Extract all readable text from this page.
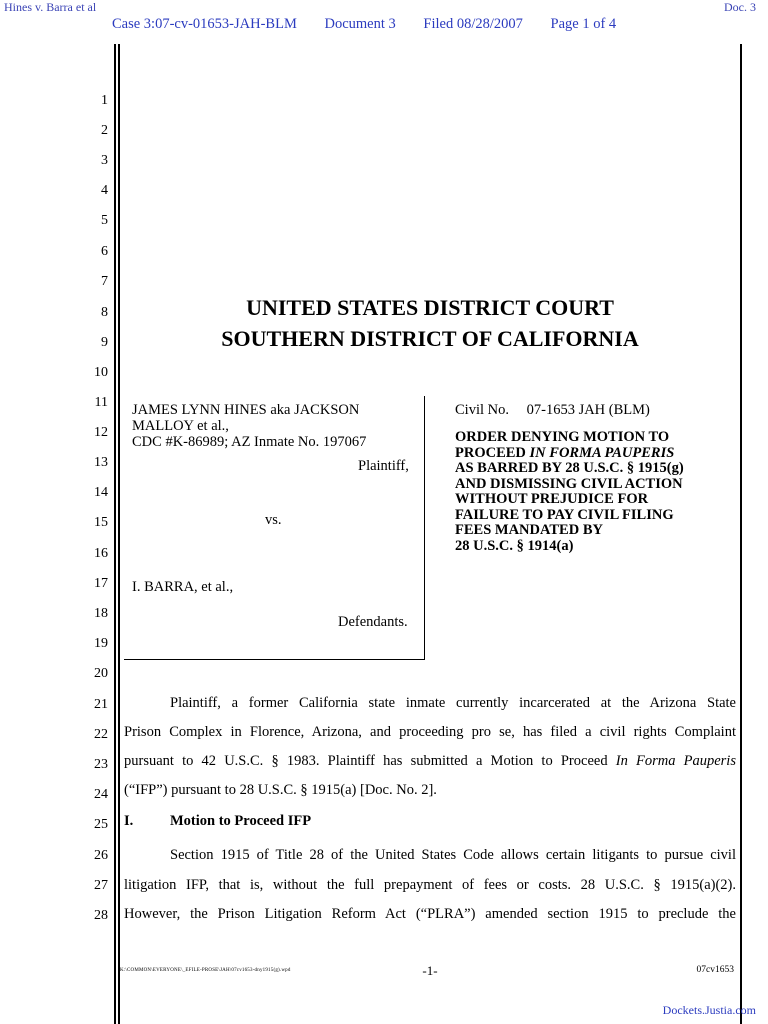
Hines v. Barra et al	Doc. 3
Case 3:07-cv-01653-JAH-BLM Document 3 Filed 08/28/2007 Page 1 of 4
1
2
3
4
5
6
7
8
9
10
11
12
13
14
15
16
17
18
19
20
21
22
23
24
25
26
27
28
UNITED STATES DISTRICT COURT
SOUTHERN DISTRICT OF CALIFORNIA
JAMES LYNN HINES aka JACKSON
MALLOY et al.,
CDC #K-86989; AZ Inmate No. 197067
Plaintiff,
vs.
I. BARRA, et al.,
Defendants.
Civil No. 07-1653 JAH (BLM)
ORDER DENYING MOTION TO
PROCEED IN FORMA PAUPERIS
AS BARRED BY 28 U.S.C. § 1915(g)
AND DISMISSING CIVIL ACTION
WITHOUT PREJUDICE FOR
FAILURE TO PAY CIVIL FILING
FEES MANDATED BY
28 U.S.C. § 1914(a)
Plaintiff, a former California state inmate currently incarcerated at the Arizona State
Prison Complex in Florence, Arizona, and proceeding pro se, has filed a civil rights Complaint
pursuant to 42 U.S.C. § 1983. Plaintiff has submitted a Motion to Proceed In Forma Pauperis
(“IFP”) pursuant to 28 U.S.C. § 1915(a) [Doc. No. 2].
I.	Motion to Proceed IFP
Section 1915 of Title 28 of the United States Code allows certain litigants to pursue civil
litigation IFP, that is, without the full prepayment of fees or costs. 28 U.S.C. § 1915(a)(2).
However, the Prison Litigation Reform Act (“PLRA”) amended section 1915 to preclude the
K:\COMMON\EVERYONE\_EFILE-PROSE\JAH\07cv1653-dny1915(g).wpd	-1-	07cv1653
Dockets.Justia.com
